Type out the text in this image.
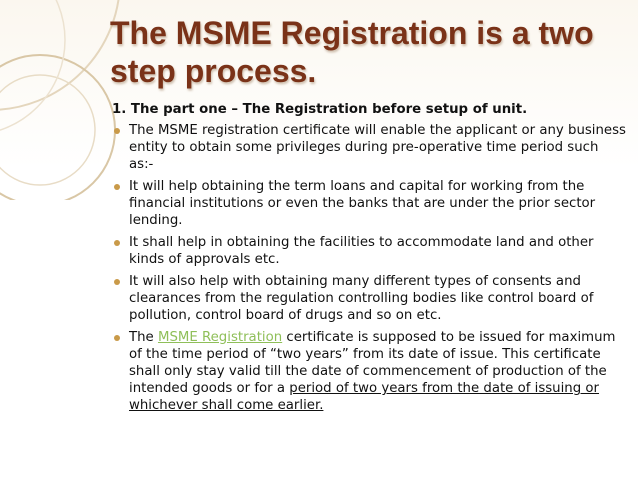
The MSME Registration is a two step process.

1. The part one – The Registration before setup of unit.

The MSME registration certificate will enable the applicant or any business entity to obtain some privileges during pre-operative time period such as:-
It will help obtaining the term loans and capital for working from the financial institutions or even the banks that are under the prior sector lending.
It shall help in obtaining the facilities to accommodate land and other kinds of approvals etc.
It will also help with obtaining many different types of consents and clearances from the regulation controlling bodies like control board of pollution, control board of drugs and so on etc.
The MSME Registration certificate is supposed to be issued for maximum of the time period of “two years” from its date of issue. This certificate shall only stay valid till the date of commencement of production of the intended goods or for a period of two years from the date of issuing or whichever shall come earlier.
